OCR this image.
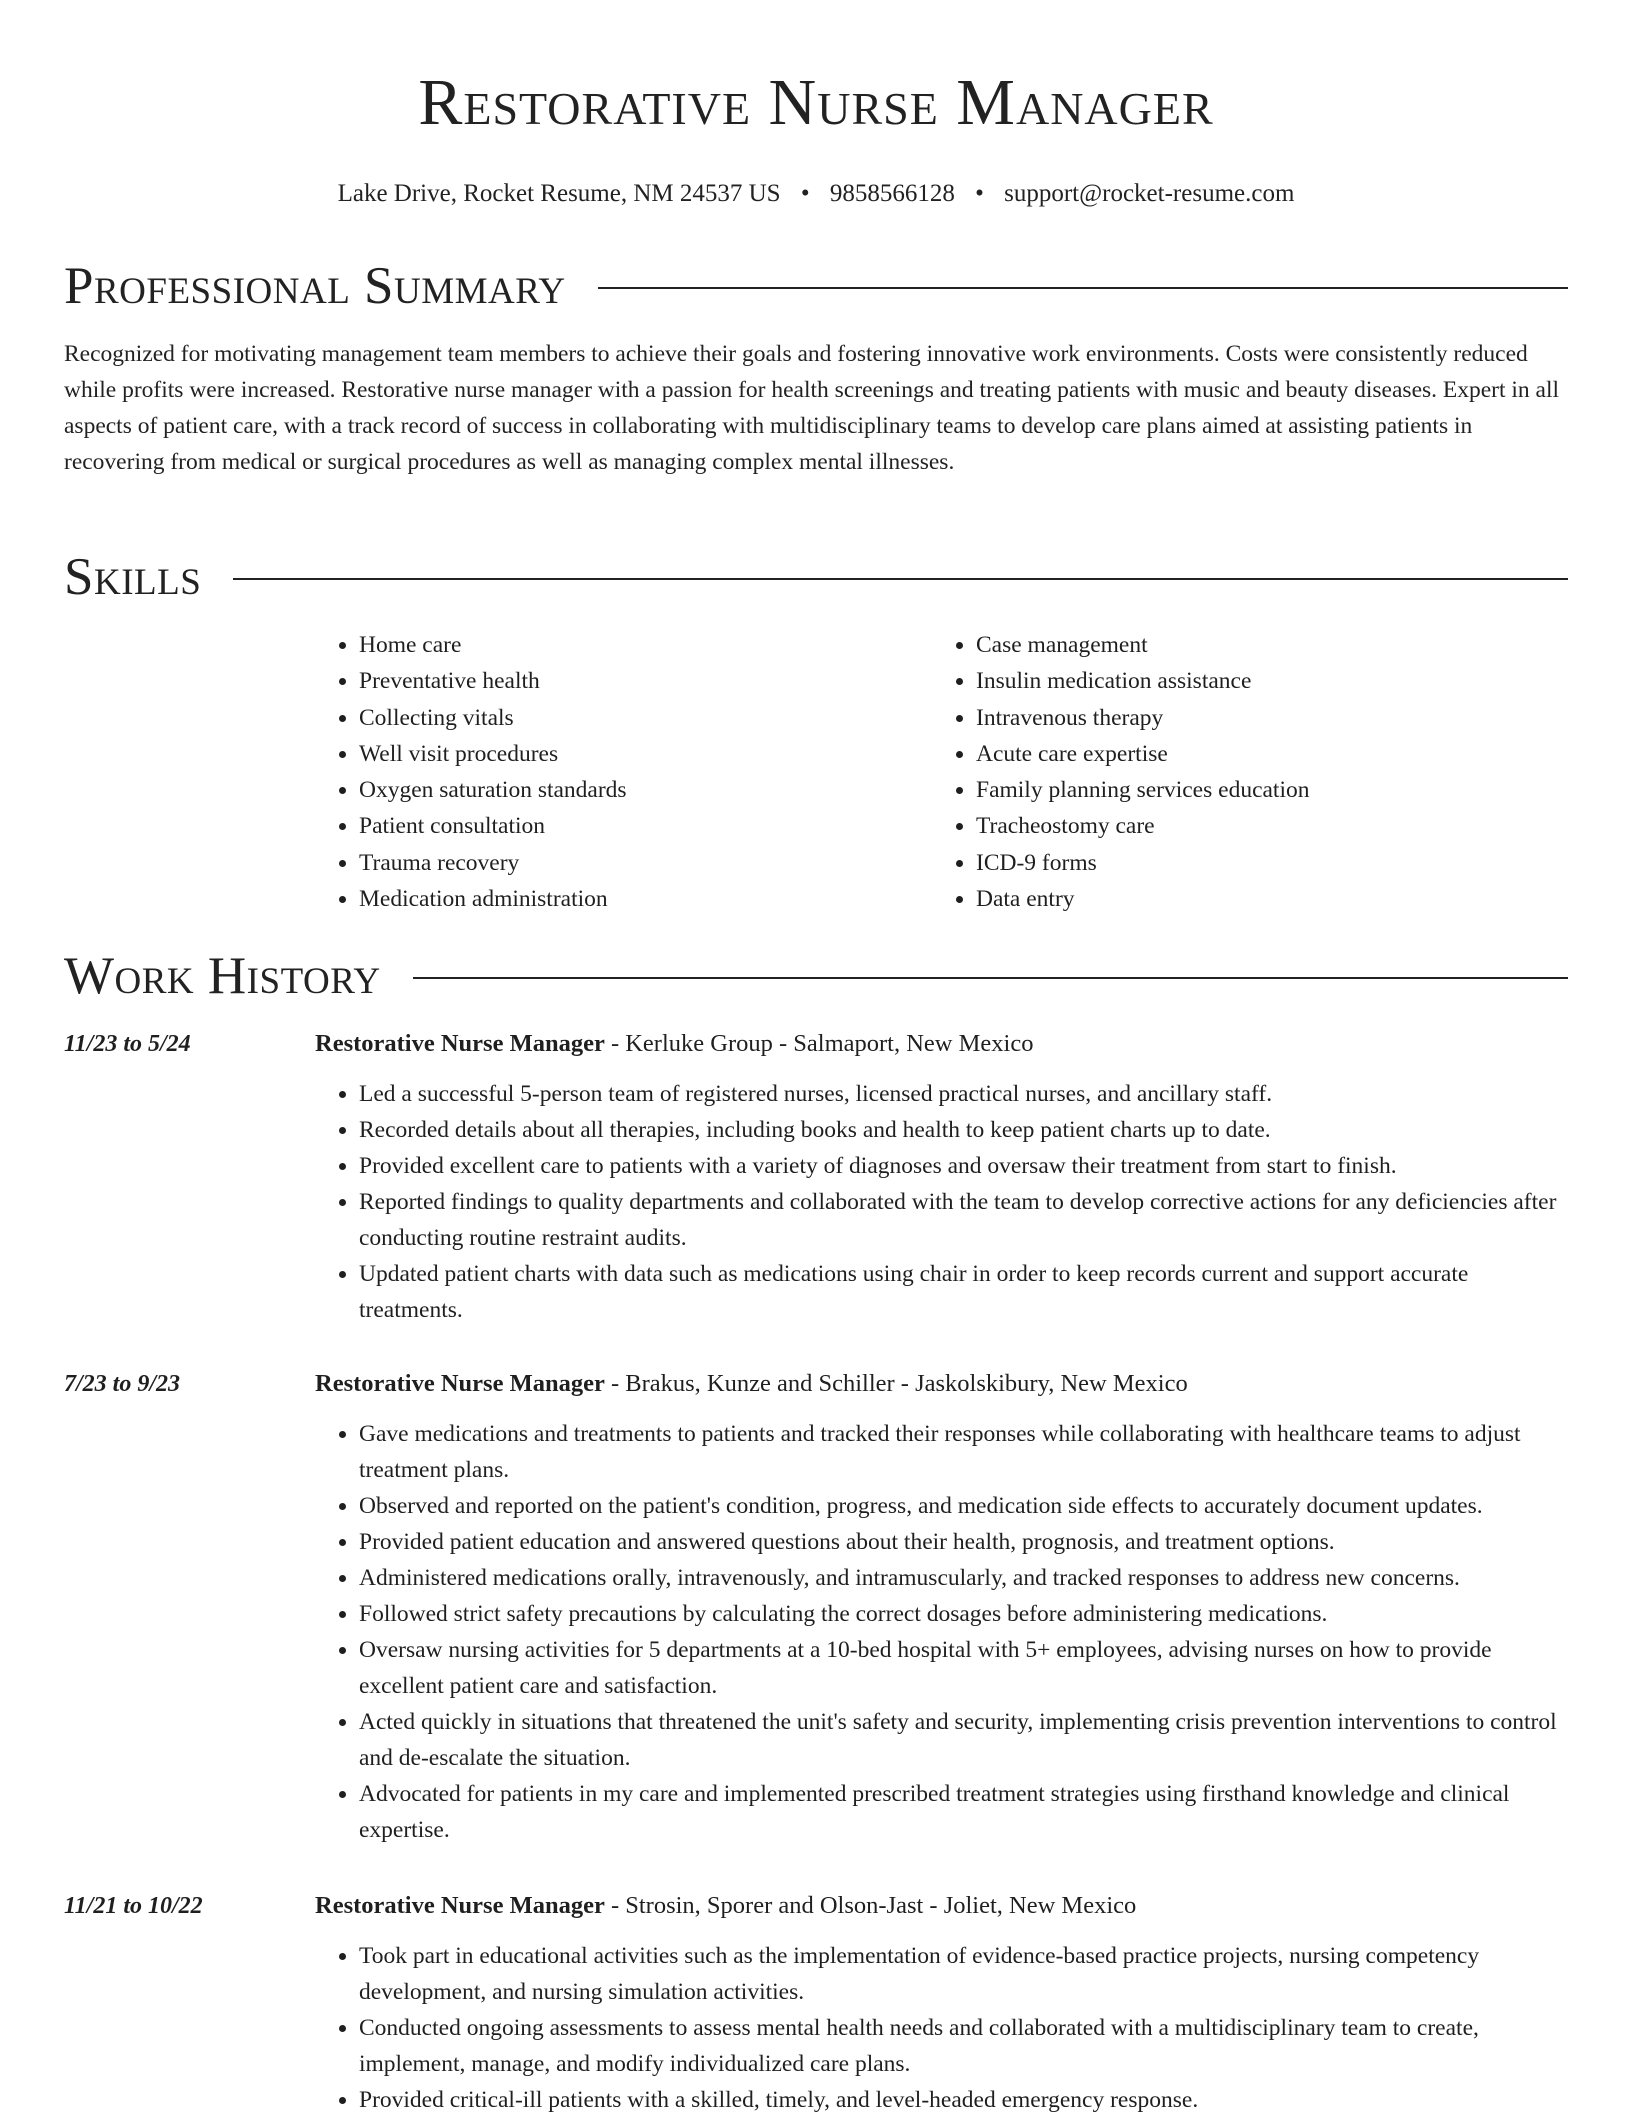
Restorative Nurse Manager
Lake Drive, Rocket Resume, NM 24537 US • 9858566128 • support@rocket-resume.com
Professional Summary

Recognized for motivating management team members to achieve their goals and fostering innovative work environments. Costs were consistently reduced while profits were increased. Restorative nurse manager with a passion for health screenings and treating patients with music and beauty diseases. Expert in all aspects of patient care, with a track record of success in collaborating with multidisciplinary teams to develop care plans aimed at assisting patients in recovering from medical or surgical procedures as well as managing complex mental illnesses.

Skills
• Home care
• Preventative health
• Collecting vitals
• Well visit procedures
• Oxygen saturation standards
• Patient consultation
• Trauma recovery
• Medication administration
• Case management
• Insulin medication assistance
• Intravenous therapy
• Acute care expertise
• Family planning services education
• Tracheostomy care
• ICD-9 forms
• Data entry
Work History
11/23 to 5/24	Restorative Nurse Manager - Kerluke Group - Salmaport, New Mexico
• Led a successful 5-person team of registered nurses, licensed practical nurses, and ancillary staff.
• Recorded details about all therapies, including books and health to keep patient charts up to date.
• Provided excellent care to patients with a variety of diagnoses and oversaw their treatment from start to finish.
• Reported findings to quality departments and collaborated with the team to develop corrective actions for any deficiencies after conducting routine restraint audits.
• Updated patient charts with data such as medications using chair in order to keep records current and support accurate treatments.
7/23 to 9/23	Restorative Nurse Manager - Brakus, Kunze and Schiller - Jaskolskibury, New Mexico
• Gave medications and treatments to patients and tracked their responses while collaborating with healthcare teams to adjust treatment plans.
• Observed and reported on the patient's condition, progress, and medication side effects to accurately document updates.
• Provided patient education and answered questions about their health, prognosis, and treatment options.
• Administered medications orally, intravenously, and intramuscularly, and tracked responses to address new concerns.
• Followed strict safety precautions by calculating the correct dosages before administering medications.
• Oversaw nursing activities for 5 departments at a 10-bed hospital with 5+ employees, advising nurses on how to provide excellent patient care and satisfaction.
• Acted quickly in situations that threatened the unit's safety and security, implementing crisis prevention interventions to control and de-escalate the situation.
• Advocated for patients in my care and implemented prescribed treatment strategies using firsthand knowledge and clinical expertise.
11/21 to 10/22	Restorative Nurse Manager - Strosin, Sporer and Olson-Jast - Joliet, New Mexico
• Took part in educational activities such as the implementation of evidence-based practice projects, nursing competency development, and nursing simulation activities.
• Conducted ongoing assessments to assess mental health needs and collaborated with a multidisciplinary team to create, implement, manage, and modify individualized care plans.
• Provided critical-ill patients with a skilled, timely, and level-headed emergency response.
